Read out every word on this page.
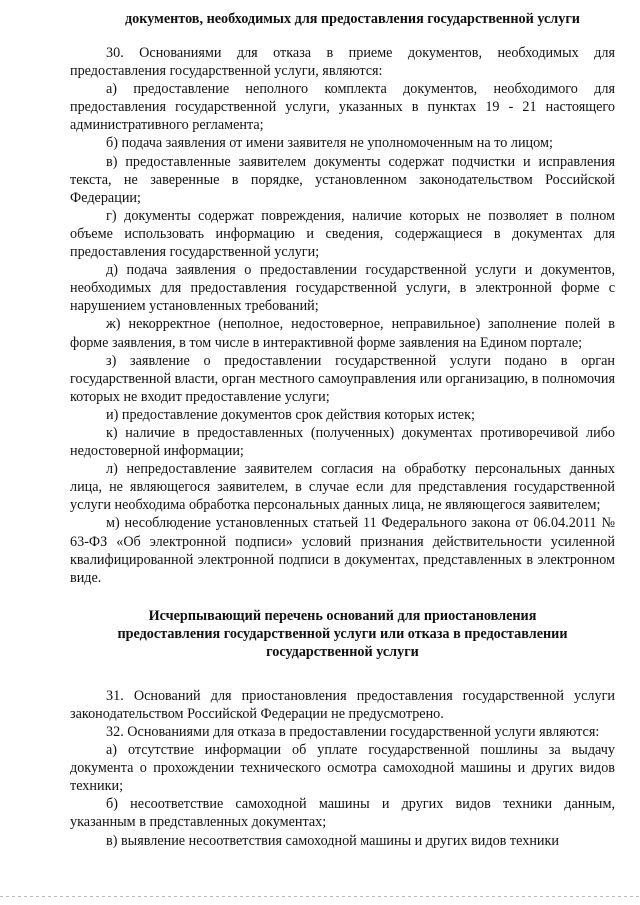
документов, необходимых для предоставления государственной услуги

30. Основаниями для отказа в приеме документов, необходимых для предоставления государственной услуги, являются:

а) предоставление неполного комплекта документов, необходимого для предоставления государственной услуги, указанных в пунктах 19 - 21 настоящего административного регламента;

б) подача заявления от имени заявителя не уполномоченным на то лицом;

в) предоставленные заявителем документы содержат подчистки и исправления текста, не заверенные в порядке, установленном законодательством Российской Федерации;

г) документы содержат повреждения, наличие которых не позволяет в полном объеме использовать информацию и сведения, содержащиеся в документах для предоставления государственной услуги;

д) подача заявления о предоставлении государственной услуги и документов, необходимых для предоставления государственной услуги, в электронной форме с нарушением установленных требований;

ж) некорректное (неполное, недостоверное, неправильное) заполнение полей в форме заявления, в том числе в интерактивной форме заявления на Едином портале;

з) заявление о предоставлении государственной услуги подано в орган государственной власти, орган местного самоуправления или организацию, в полномочия которых не входит предоставление услуги;

и) предоставление документов срок действия которых истек;

к) наличие в предоставленных (полученных) документах противоречивой либо недостоверной информации;

л) непредоставление заявителем согласия на обработку персональных данных лица, не являющегося заявителем, в случае если для представления государственной услуги необходима обработка персональных данных лица, не являющегося заявителем;

м) несоблюдение установленных статьей 11 Федерального закона от 06.04.2011 № 63-ФЗ «Об электронной подписи» условий признания действительности усиленной квалифицированной электронной подписи в документах, представленных в электронном виде.

Исчерпывающий перечень оснований для приостановления

предоставления государственной услуги или отказа в предоставлении

государственной услуги

31. Оснований для приостановления предоставления государственной услуги законодательством Российской Федерации не предусмотрено.

32. Основаниями для отказа в предоставлении государственной услуги являются:

а) отсутствие информации об уплате государственной пошлины за выдачу документа о прохождении технического осмотра самоходной машины и других видов техники;

б) несоответствие самоходной машины и других видов техники данным, указанным в представленных документах;

в) выявление несоответствия самоходной машины и других видов техники
